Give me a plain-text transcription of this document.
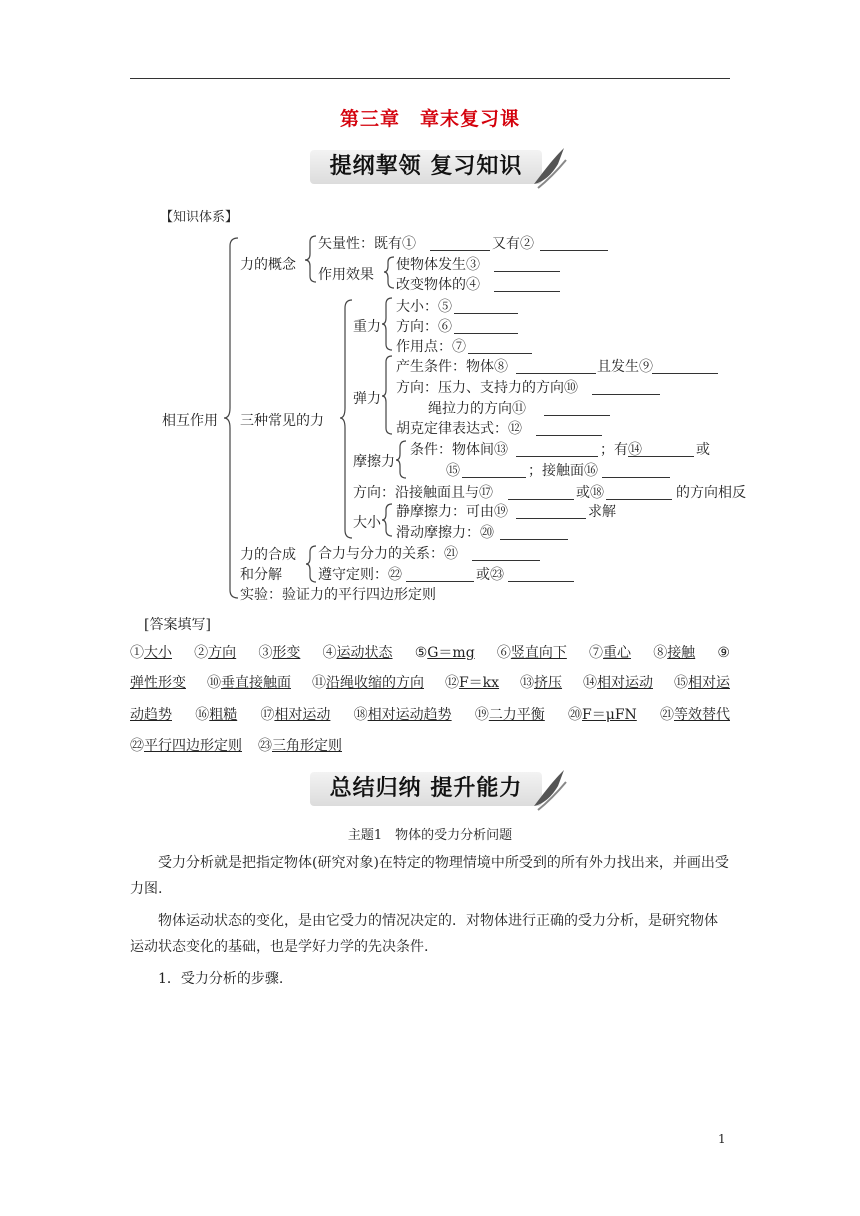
第三章　章末复习课
提纲挈领 复习知识
【知识体系】
相互作用
力的概念
矢量性：既有①	又有②
作用效果
使物体发生③
改变物体的④
三种常见的力
重力
大小：⑤
方向：⑥
作用点：⑦
弹力
产生条件：物体⑧	且发生⑨
方向：压力、支持力的方向⑩
绳拉力的方向⑪
胡克定律表达式：⑫
摩擦力
条件：物体间⑬	；有⑭	或
⑮	；接触面⑯
方向：沿接触面且与⑰	或⑱	的方向相反
大小
静摩擦力：可由⑲	求解
滑动摩擦力：⑳
力的合成
和分解
合力与分力的关系：㉑
遵守定则：㉒	或㉓
实验：验证力的平行四边形定则
[答案填写]
①大小 ②方向 ③形变 ④运动状态 ⑤G＝mg ⑥竖直向下 ⑦重心 ⑧接触 ⑨
弹性形变 ⑩垂直接触面 ⑪沿绳收缩的方向 ⑫F＝kx ⑬挤压 ⑭相对运动 ⑮相对运
动趋势 ⑯粗糙 ⑰相对运动 ⑱相对运动趋势 ⑲二力平衡 ⑳F＝μFN ㉑等效替代
㉒平行四边形定则 ㉓三角形定则
总结归纳 提升能力
主题1　物体的受力分析问题
受力分析就是把指定物体(研究对象)在特定的物理情境中所受到的所有外力找出来，并画出受力图.
物体运动状态的变化，是由它受力的情况决定的．对物体进行正确的受力分析，是研究物体运动状态变化的基础，也是学好力学的先决条件.
1．受力分析的步骤.
1
